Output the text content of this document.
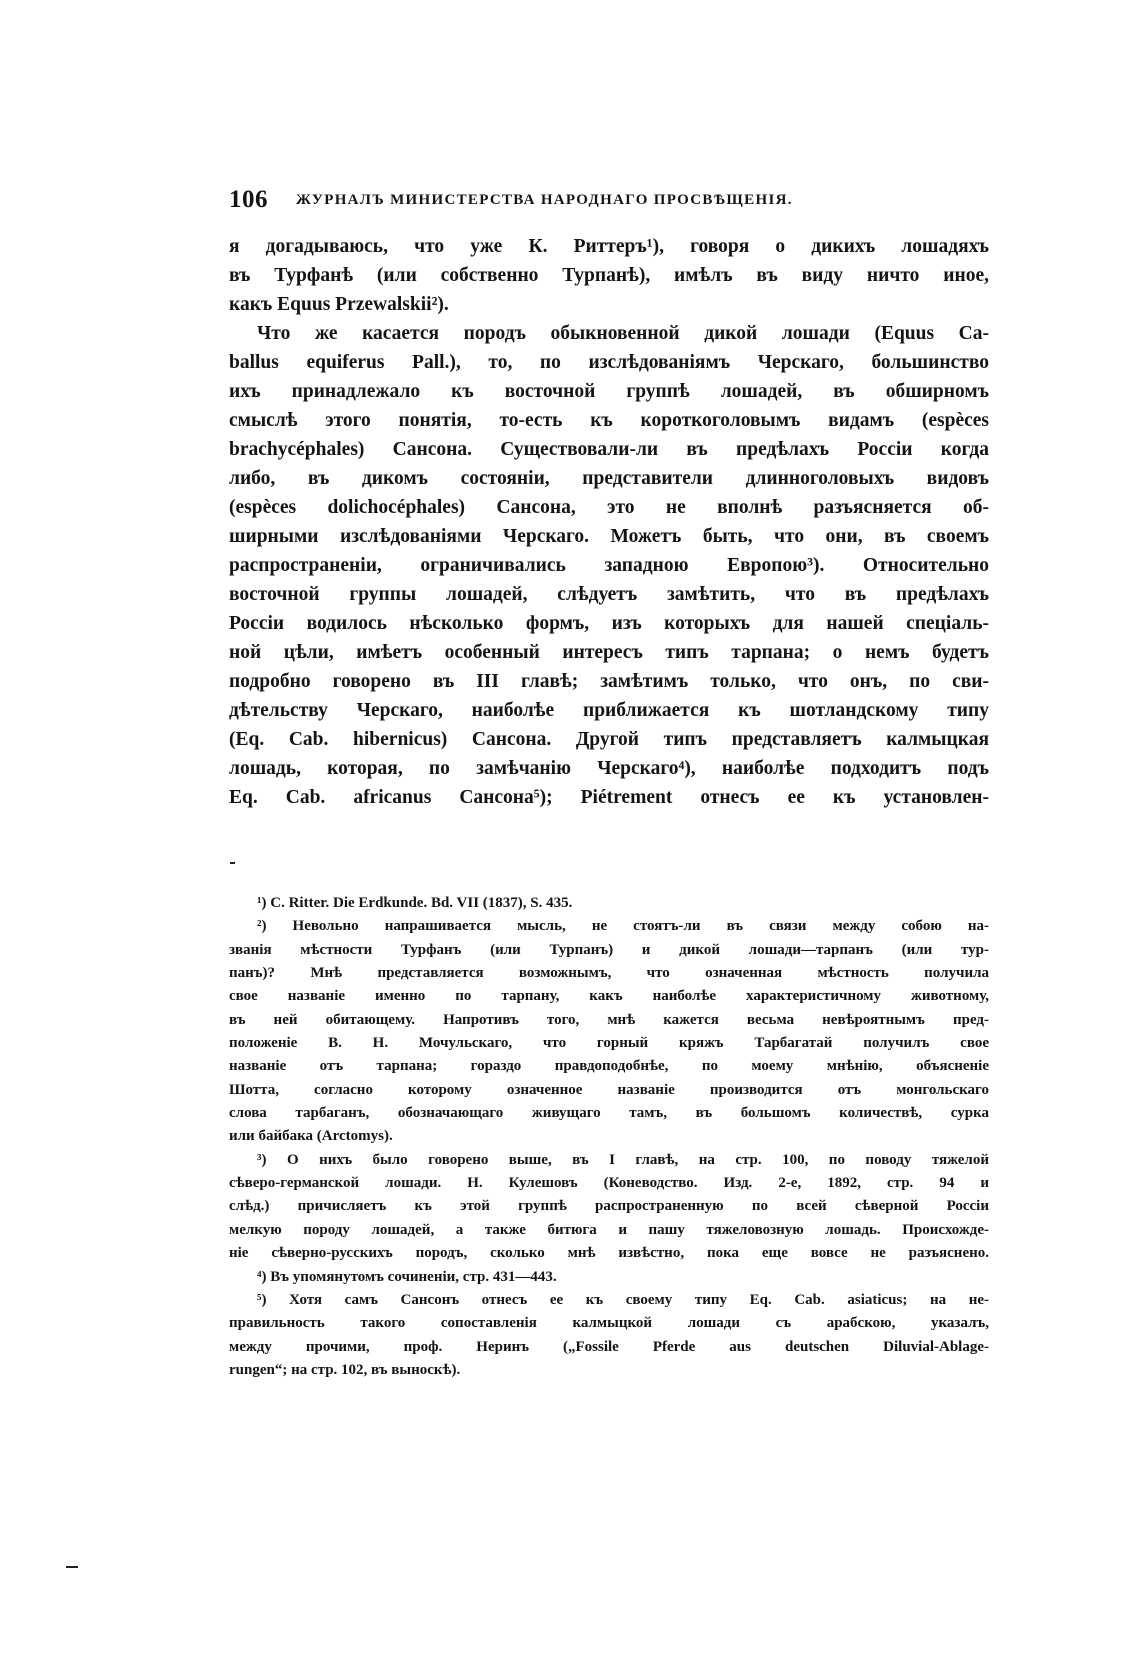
106 ЖУРНАЛЪ МИНИСТЕРСТВА НАРОДНАГО ПРОСВѢЩЕНІЯ.
я догадываюсь, что уже К. Риттеръ¹), говоря о дикихъ лошадяхъ
въ Турфанѣ (или собственно Турпанѣ), имѣлъ въ виду ничто иное,
какъ Equus Przewalskii²).
Что же касается породъ обыкновенной дикой лошади (Equus Ca-
ballus equiferus Pall.), то, по изслѣдованіямъ Черскаго, большинство
ихъ принадлежало къ восточной группѣ лошадей, въ обширномъ
смыслѣ этого понятія, то-есть къ короткоголовымъ видамъ (espèces
brachycéphales) Сансона. Существовали-ли въ предѣлахъ Россіи когда
либо, въ дикомъ состояніи, представители длинноголовыхъ видовъ
(espèces dolichocéphales) Сансона, это не вполнѣ разъясняется об-
ширными изслѣдованіями Черскаго. Можетъ быть, что они, въ своемъ
распространеніи, ограничивались западною Европою³). Относительно
восточной группы лошадей, слѣдуетъ замѣтить, что въ предѣлахъ
Россіи водилось нѣсколько формъ, изъ которыхъ для нашей спеціаль-
ной цѣли, имѣетъ особенный интересъ типъ тарпана; о немъ будетъ
подробно говорено въ III главѣ; замѣтимъ только, что онъ, по сви-
дѣтельству Черскаго, наиболѣе приближается къ шотландскому типу
(Eq. Cab. hibernicus) Сансона. Другой типъ представляетъ калмыцкая
лошадь, которая, по замѣчанію Черскаго⁴), наиболѣе подходитъ подъ
Eq. Cab. africanus Сансона⁵); Piétrement отнесъ ее къ установлен-
¹) C. Ritter. Die Erdkunde. Bd. VII (1837), S. 435.
²) Невольно напрашивается мысль, не стоятъ-ли въ связи между собою на-
званія мѣстности Турфанъ (или Турпанъ) и дикой лошади—тарпанъ (или тур-
панъ)? Мнѣ представляется возможнымъ, что означенная мѣстность получила
свое названіе именно по тарпану, какъ наиболѣе характеристичному животному,
въ ней обитающему. Напротивъ того, мнѣ кажется весьма невѣроятнымъ пред-
положеніе В. Н. Мочульскаго, что горный кряжъ Тарбагатай получилъ свое
названіе отъ тарпана; гораздо правдоподобнѣе, по моему мнѣнію, объясненіе
Шотта, согласно которому означенное названіе производится отъ монгольскаго
слова тарбаганъ, обозначающаго живущаго тамъ, въ большомъ количествѣ, сурка
или байбака (Arctomys).
³) О нихъ было говорено выше, въ I главѣ, на стр. 100, по поводу тяжелой
сѣверо-германской лошади. Н. Кулешовъ (Коневодство. Изд. 2-е, 1892, стр. 94 и
слѣд.) причисляетъ къ этой группѣ распространенную по всей сѣверной Россіи
мелкую породу лошадей, а также битюга и пашу тяжеловозную лошадь. Происхожде-
ніе сѣверно-русскихъ породъ, сколько мнѣ извѣстно, пока еще вовсе не разъяснено.
⁴) Въ упомянутомъ сочиненіи, стр. 431—443.
⁵) Хотя самъ Сансонъ отнесъ ее къ своему типу Eq. Cab. asiaticus; на не-
правильность такого сопоставленія калмыцкой лошади съ арабскою, указалъ,
между прочими, проф. Неринъ („Fossile Pferde aus deutschen Diluvial-Ablage-
rungen“; на стр. 102, въ выноскѣ).
